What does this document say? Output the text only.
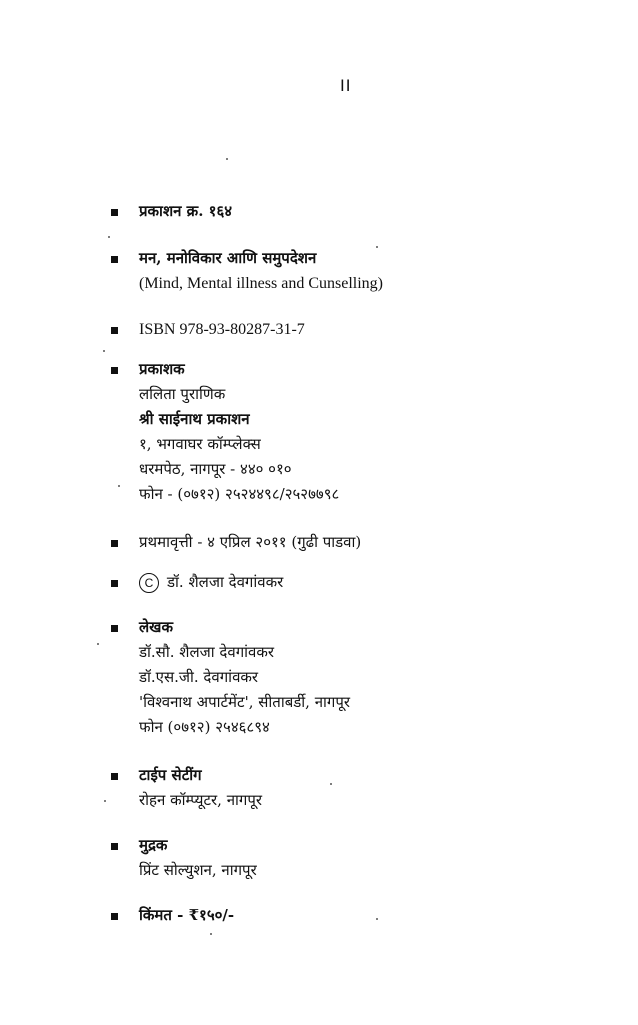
II
प्रकाशन क्र. १६४
मन, मनोविकार आणि समुपदेशन
(Mind, Mental illness and Cunselling)
ISBN 978-93-80287-31-7
प्रकाशक
ललिता पुराणिक
श्री साईनाथ प्रकाशन
१, भगवाघर कॉम्प्लेक्स
धरमपेठ, नागपूर - ४४० ०१०
फोन - (०७१२) २५२४४९८/२५२७७९८
प्रथमावृत्ती - ४ एप्रिल २०११ (गुढी पाडवा)
C डॉ. शैलजा देवगांवकर
लेखक
डॉ.सौ. शैलजा देवगांवकर
डॉ.एस.जी. देवगांवकर
'विश्वनाथ अपार्टमेंट', सीताबर्डी, नागपूर
फोन (०७१२) २५४६८९४
टाईप सेटींग
रोहन कॉम्प्यूटर, नागपूर
मुद्रक
प्रिंट सोल्युशन, नागपूर
किंमत - ₹१५०/-
